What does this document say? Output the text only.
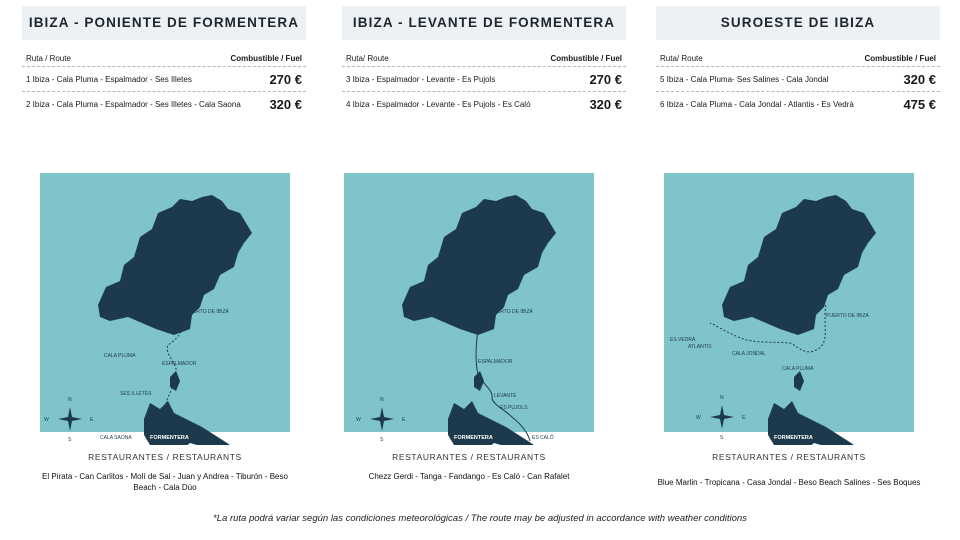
IBIZA - PONIENTE DE FORMENTERA
Ruta / Route	Combustible / Fuel
1 Ibiza - Cala Pluma - Espalmador - Ses Illetes	270 €
2 Ibiza - Cala Pluma - Espalmador - Ses Illetes - Cala Saona 320 €
IBIZA - LEVANTE DE FORMENTERA
Ruta/ Route	Combustible / Fuel
3 Ibiza - Espalmador - Levante - Es Pujols	270 €
4 Ibiza - Espalmador - Levante - Es Pujols - Es Caló	320 €
SUROESTE DE IBIZA
Ruta/ Route	Combustible / Fuel
5 Ibiza - Cala Pluma- Ses Salines - Cala Jondal	320 €
6 Ibiza - Cala Pluma - Cala Jondal - Atlantis - Es Vedrà	475 €
IBIZA
PUERTO DE IBIZA
CALA PLUMA
ESPALMADOR
SES ILLETES
CALA SAONA	FORMENTERA
N
S
W	E
IBIZA
PUERTO DE IBIZA
ESPALMADOR
LEVANTE
ES PUJOLS
ES CALÓ
FORMENTERA
N
S
W	E
IBIZA
PUERTO DE IBIZA
ES VEDRÀ
ATLANTIS
CALA JONDAL
CALA PLUMA
FORMENTERA
N
S
W	E
RESTAURANTES / RESTAURANTS
El Pirata - Can Carlitos - Molí de Sal - Juan y Andrea - Tiburón - Beso Beach - Cala Dúo
RESTAURANTES / RESTAURANTS
Chezz Gerdi - Tanga - Fandango - Es Caló - Can Rafalet
RESTAURANTES / RESTAURANTS
Blue Marlin - Tropicana - Casa Jondal - Beso Beach Salines - Ses Boques
*La ruta podrá variar según las condiciones meteorológicas / The route may be adjusted in accordance with weather conditions
